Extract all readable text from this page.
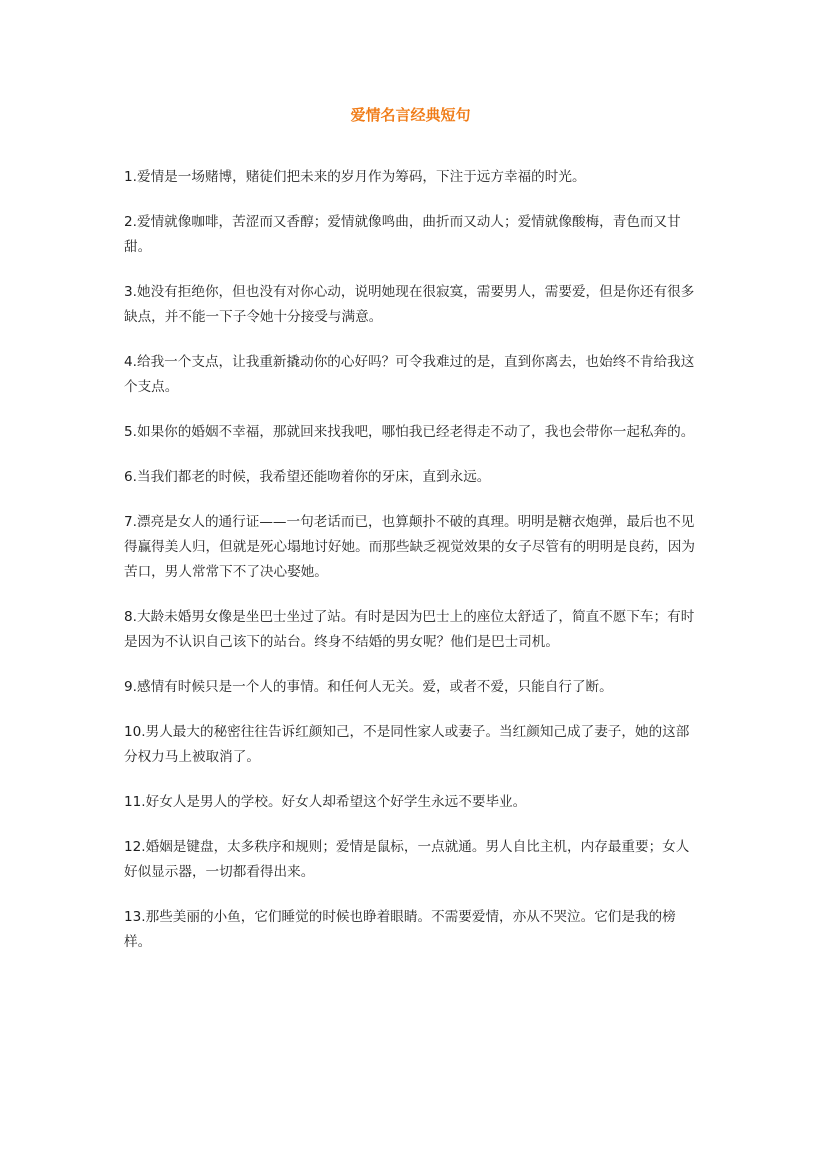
爱情名言经典短句
1.爱情是一场赌博，赌徒们把未来的岁月作为筹码，下注于远方幸福的时光。
2.爱情就像咖啡，苦涩而又香醇；爱情就像鸣曲，曲折而又动人；爱情就像酸梅，青色而又甘甜。
3.她没有拒绝你，但也没有对你心动，说明她现在很寂寞，需要男人，需要爱，但是你还有很多缺点，并不能一下子令她十分接受与满意。
4.给我一个支点，让我重新撬动你的心好吗？可令我难过的是，直到你离去，也始终不肯给我这个支点。
5.如果你的婚姻不幸福，那就回来找我吧，哪怕我已经老得走不动了，我也会带你一起私奔的。
6.当我们都老的时候，我希望还能吻着你的牙床，直到永远。
7.漂亮是女人的通行证——一句老话而已，也算颠扑不破的真理。明明是糖衣炮弹，最后也不见得赢得美人归，但就是死心塌地讨好她。而那些缺乏视觉效果的女子尽管有的明明是良药，因为苦口，男人常常下不了决心娶她。
8.大龄未婚男女像是坐巴士坐过了站。有时是因为巴士上的座位太舒适了，简直不愿下车；有时是因为不认识自己该下的站台。终身不结婚的男女呢？他们是巴士司机。
9.感情有时候只是一个人的事情。和任何人无关。爱，或者不爱，只能自行了断。
10.男人最大的秘密往往告诉红颜知己，不是同性家人或妻子。当红颜知己成了妻子，她的这部分权力马上被取消了。
11.好女人是男人的学校。好女人却希望这个好学生永远不要毕业。
12.婚姻是键盘，太多秩序和规则；爱情是鼠标，一点就通。男人自比主机，内存最重要；女人好似显示器，一切都看得出来。
13.那些美丽的小鱼，它们睡觉的时候也睁着眼睛。不需要爱情，亦从不哭泣。它们是我的榜样。
